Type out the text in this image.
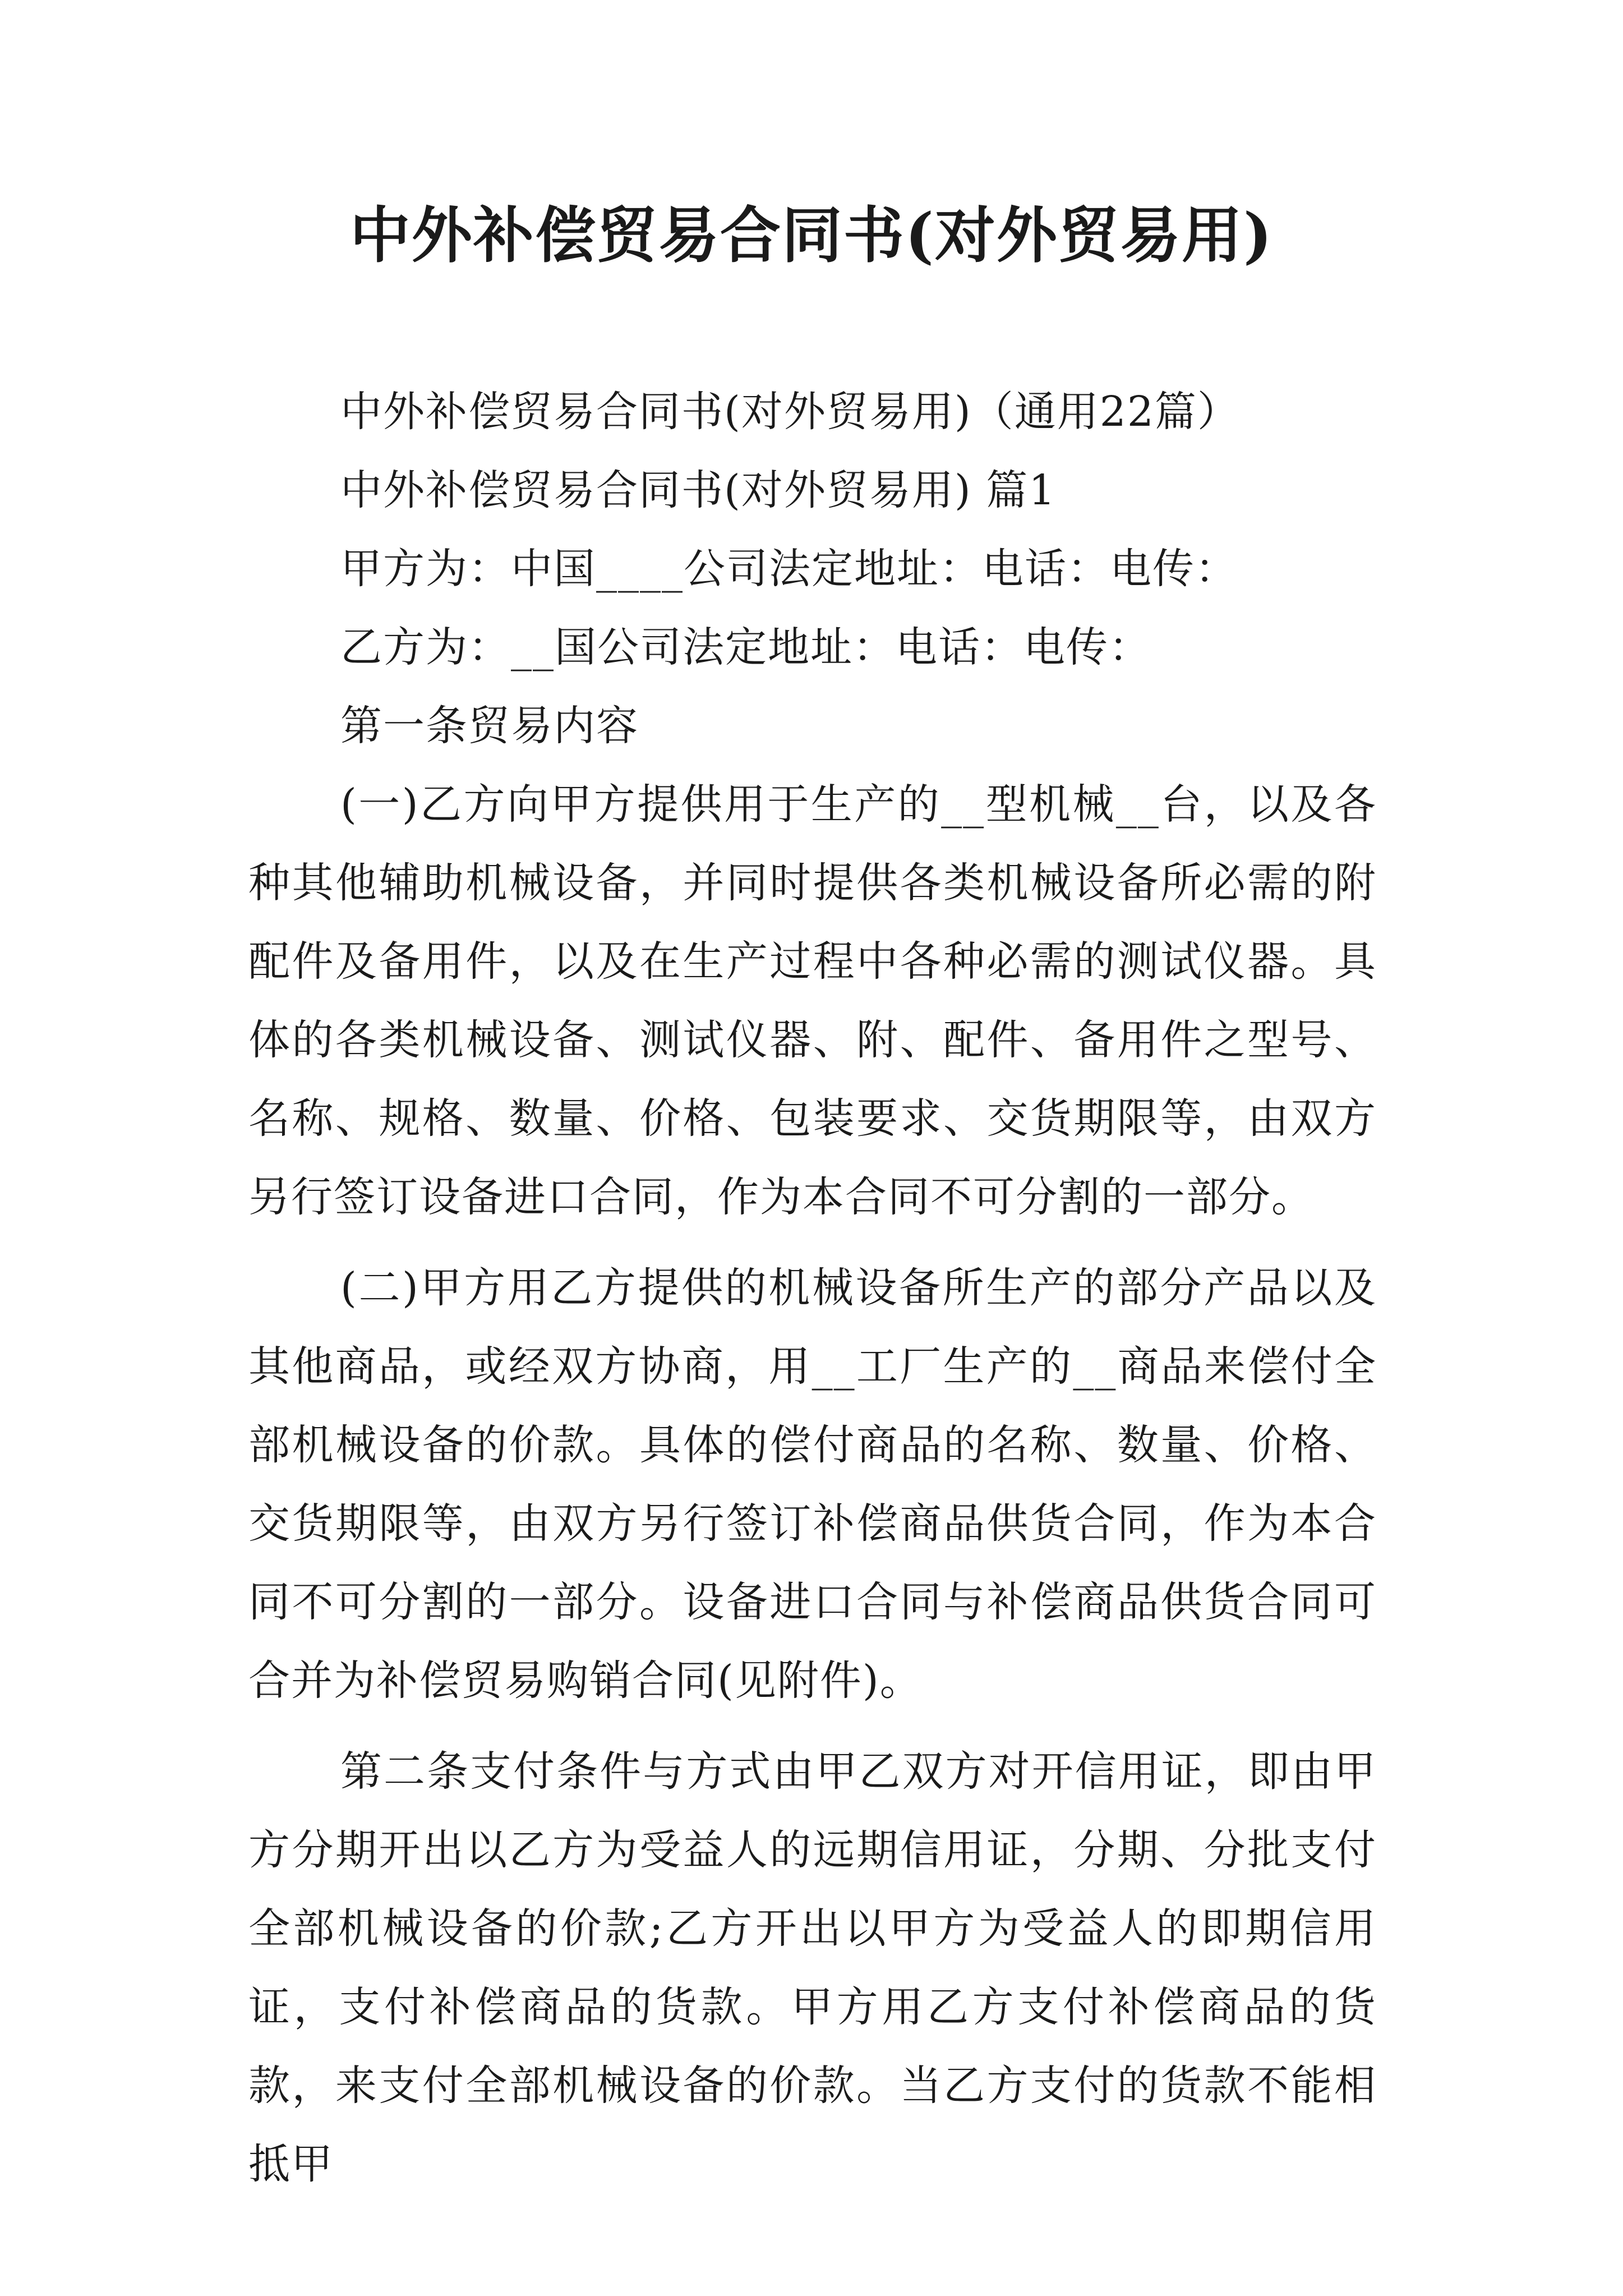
中外补偿贸易合同书(对外贸易用)

中外补偿贸易合同书(对外贸易用)（通用22篇）

中外补偿贸易合同书(对外贸易用) 篇1

甲方为：中国____公司法定地址：电话：电传：

乙方为：__国公司法定地址：电话：电传：

第一条贸易内容

(一)乙方向甲方提供用于生产的__型机械__台，以及各种其他辅助机械设备，并同时提供各类机械设备所必需的附配件及备用件，以及在生产过程中各种必需的测试仪器。具体的各类机械设备、测试仪器、附、配件、备用件之型号、名称、规格、数量、价格、包装要求、交货期限等，由双方另行签订设备进口合同，作为本合同不可分割的一部分。

(二)甲方用乙方提供的机械设备所生产的部分产品以及其他商品，或经双方协商，用__工厂生产的__商品来偿付全部机械设备的价款。具体的偿付商品的名称、数量、价格、交货期限等，由双方另行签订补偿商品供货合同，作为本合同不可分割的一部分。设备进口合同与补偿商品供货合同可合并为补偿贸易购销合同(见附件)。

第二条支付条件与方式由甲乙双方对开信用证，即由甲方分期开出以乙方为受益人的远期信用证，分期、分批支付全部机械设备的价款;乙方开出以甲方为受益人的即期信用证，支付补偿商品的货款。甲方用乙方支付补偿商品的货款，来支付全部机械设备的价款。当乙方支付的货款不能相抵甲
